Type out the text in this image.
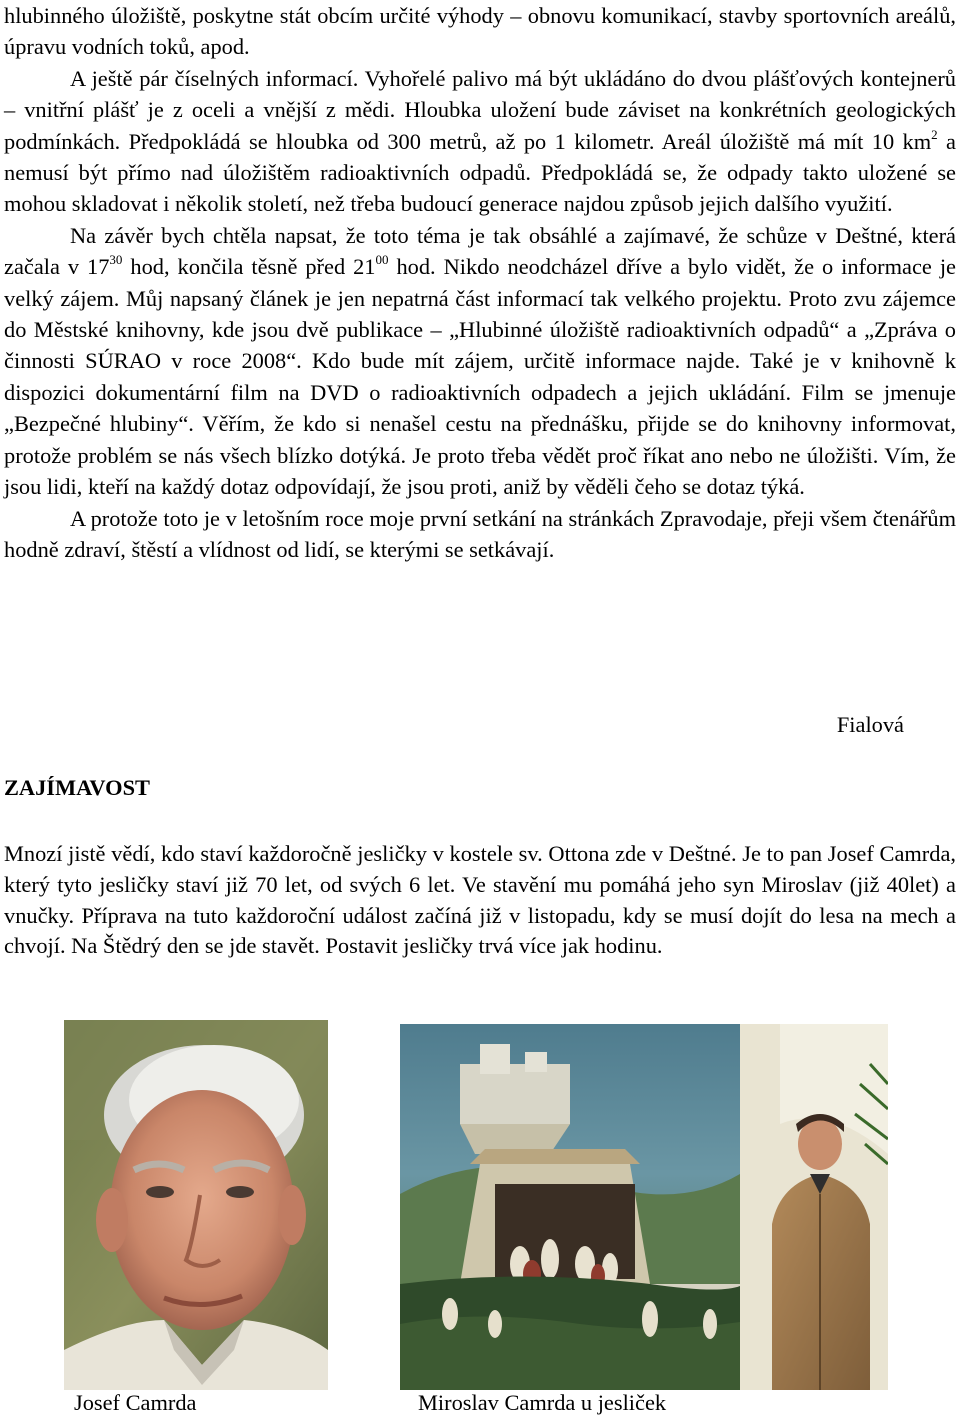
hlubinného úložiště, poskytne stát obcím určité výhody – obnovu komunikací, stavby sportovních areálů, úpravu vodních toků, apod.

A ještě pár číselných informací. Vyhořelé palivo má být ukládáno do dvou plášťových kontejnerů – vnitřní plášť je z oceli a vnější z mědi. Hloubka uložení bude záviset na konkrétních geologických podmínkách. Předpokládá se hloubka od 300 metrů, až po 1 kilometr. Areál úložiště má mít 10 $km^2$ a nemusí být přímo nad úložištěm radioaktivních odpadů. Předpokládá se, že odpady takto uložené se mohou skladovat i několik století, než třeba budoucí generace najdou způsob jejich dalšího využití.

Na závěr bych chtěla napsat, že toto téma je tak obsáhlé a zajímavé, že schůze v Deštné, která začala v $17^{30}$ hod, končila těsně před $21^{00}$ hod. Nikdo neodcházel dříve a bylo vidět, že o informace je velký zájem. Můj napsaný článek je jen nepatrná část informací tak velkého projektu. Proto zvu zájemce do Městské knihovny, kde jsou dvě publikace – „Hlubinné úložiště radioaktivních odpadů“ a „Zpráva o činnosti SÚRAO v roce 2008“. Kdo bude mít zájem, určitě informace najde. Také je v knihovně k dispozici dokumentární film na DVD o radioaktivních odpadech a jejich ukládání. Film se jmenuje „Bezpečné hlubiny“. Věřím, že kdo si nenašel cestu na přednášku, přijde se do knihovny informovat, protože problém se nás všech blízko dotýká. Je proto třeba vědět proč říkat ano nebo ne úložišti. Vím, že jsou lidi, kteří na každý dotaz odpovídají, že jsou proti, aniž by věděli čeho se dotaz týká.

A protože toto je v letošním roce moje první setkání na stránkách Zpravodaje, přeji všem čtenářům hodně zdraví, štěstí a vlídnost od lidí, se kterými se setkávají.

Fialová
ZAJÍMAVOST

Mnozí jistě vědí, kdo staví každoročně jesličky v kostele sv. Ottona zde v Deštné. Je to pan Josef Camrda, který tyto jesličky staví již 70 let, od svých 6 let. Ve stavění mu pomáhá jeho syn Miroslav (již 40let) a vnučky. Příprava na tuto každoroční událost začíná již v listopadu, kdy se musí dojít do lesa na mech a chvojí. Na Štědrý den se jde stavět. Postavit jesličky trvá více jak hodinu.

Josef Camrda	Miroslav Camrda u jesliček
